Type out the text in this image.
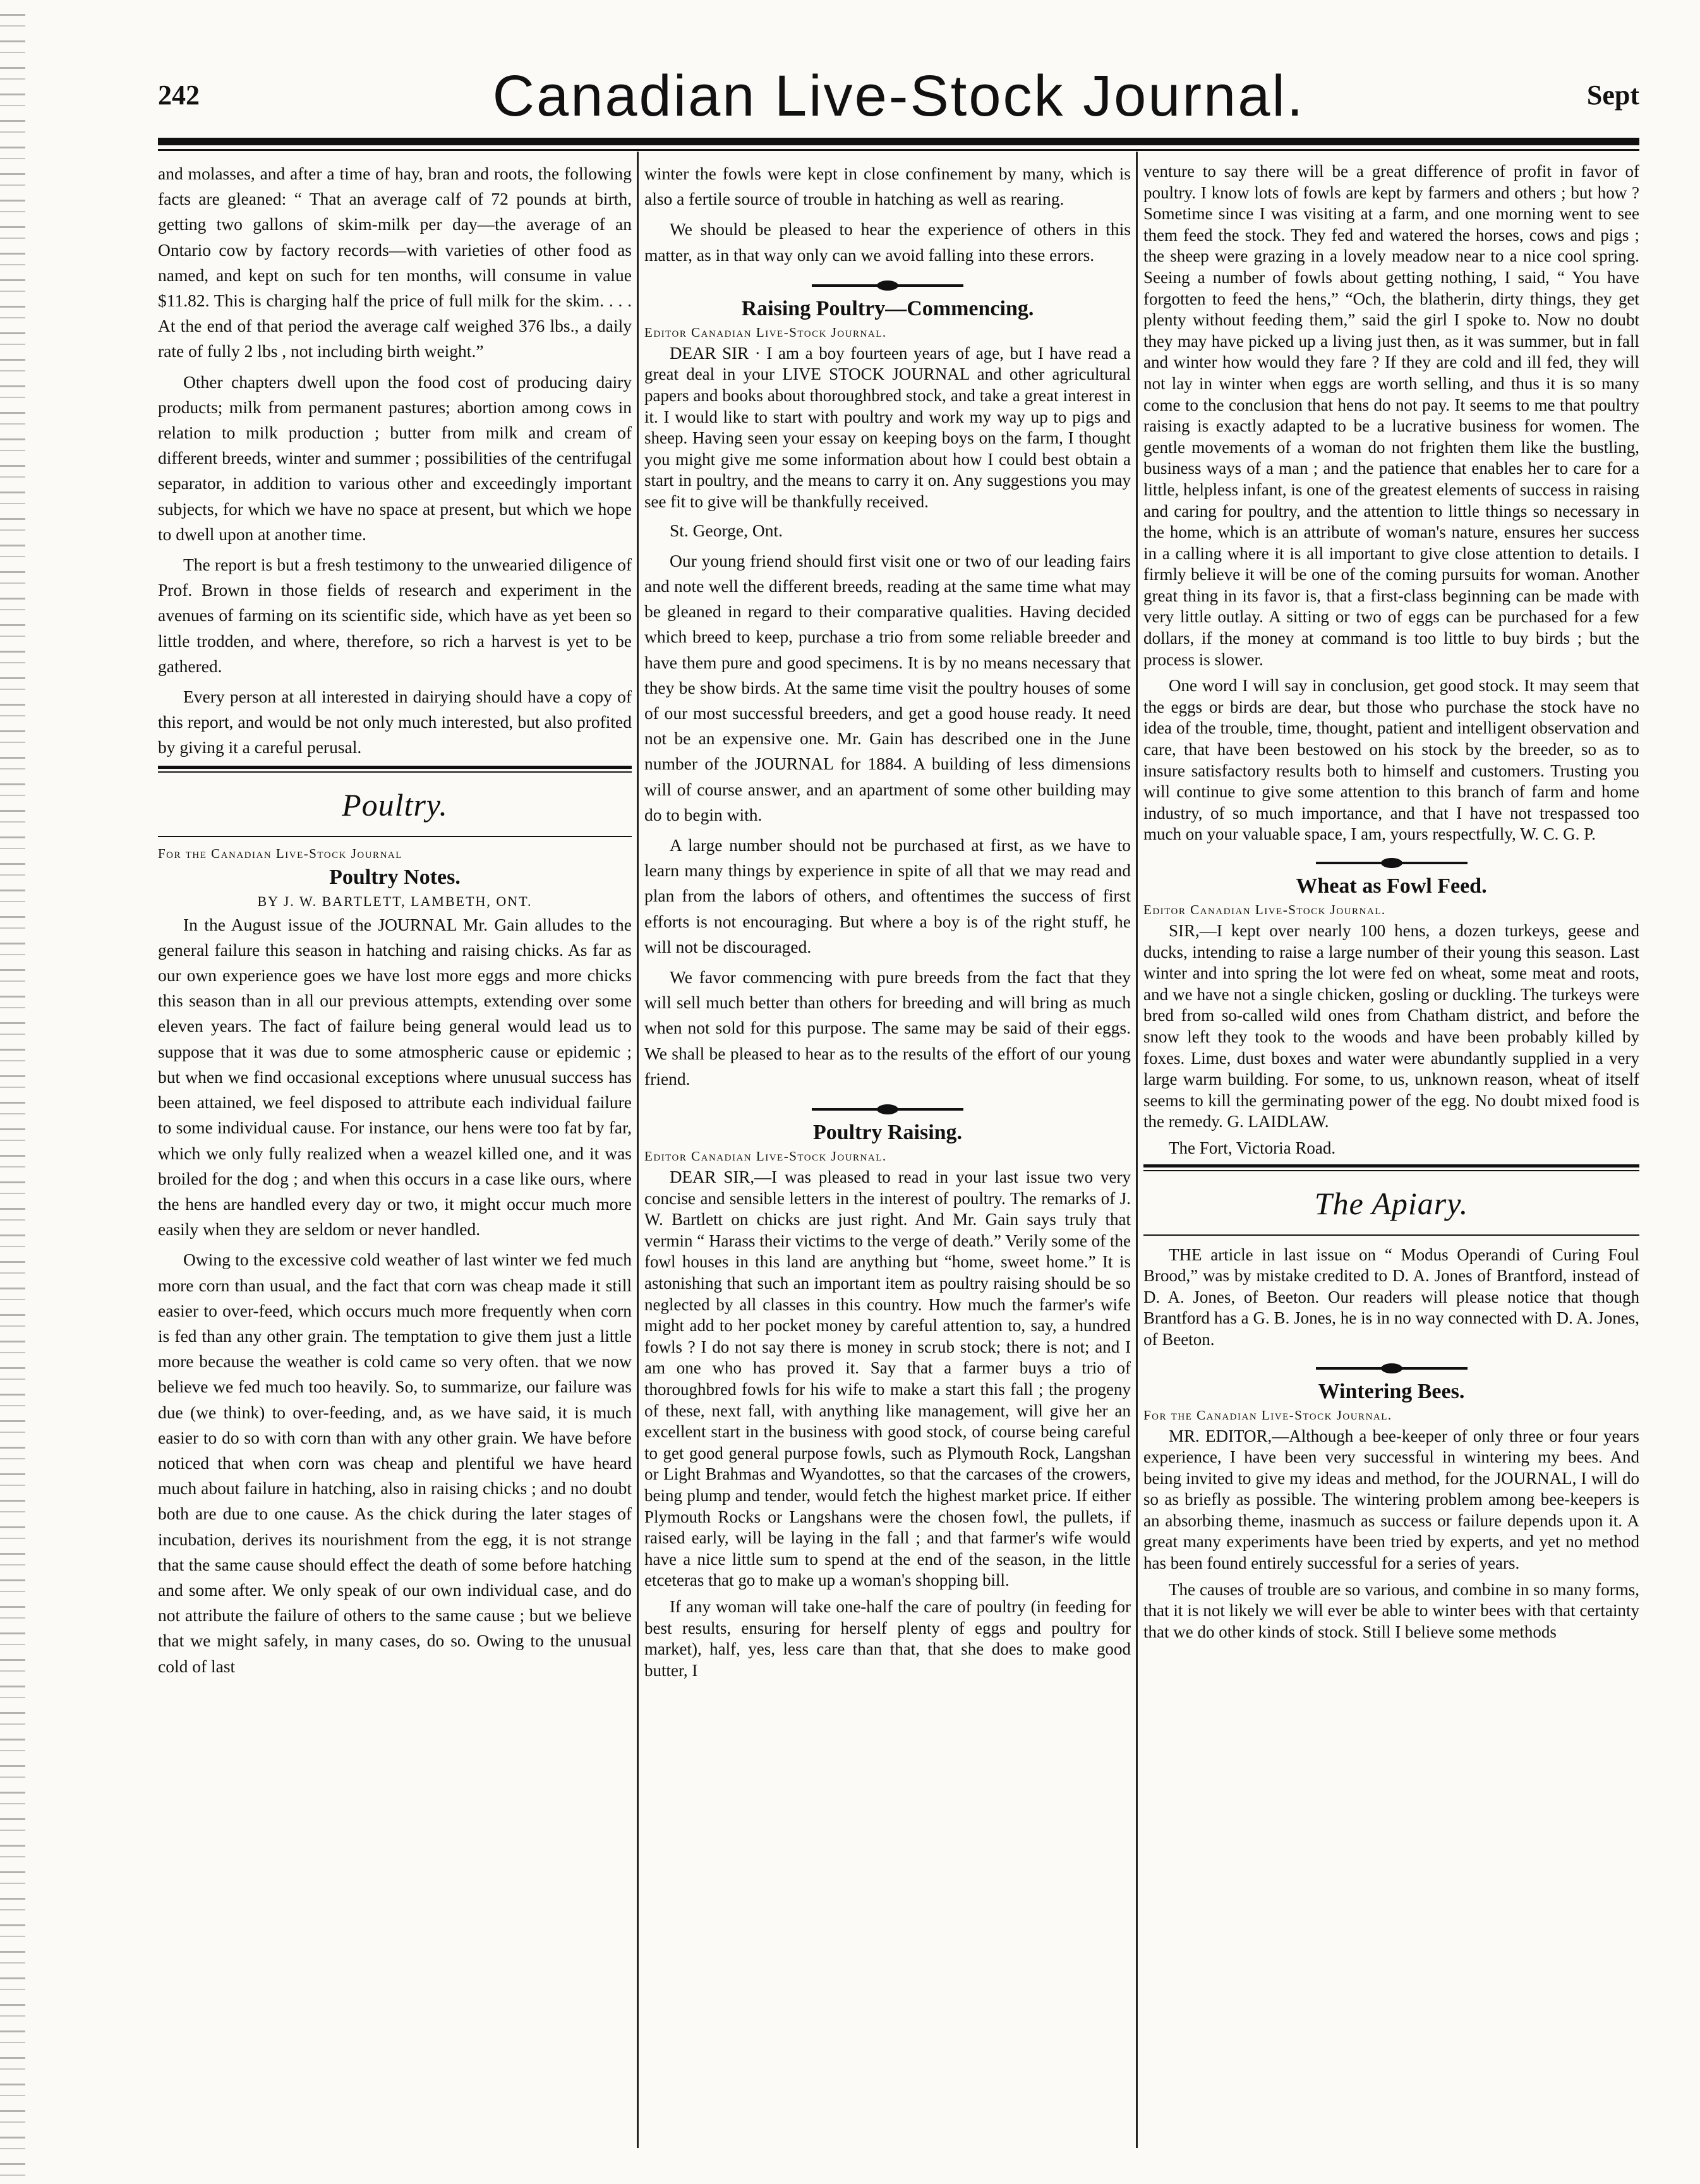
242	Canadian Live-Stock Journal.	Sept

and molasses, and after a time of hay, bran and roots, the following facts are gleaned: “ That an average calf of 72 pounds at birth, getting two gallons of skim-milk per day—the average of an Ontario cow by factory records—with varieties of other food as named, and kept on such for ten months, will consume in value $11.82. This is charging half the price of full milk for the skim. . . . At the end of that period the average calf weighed 376 lbs., a daily rate of fully 2 lbs , not including birth weight.”

Other chapters dwell upon the food cost of producing dairy products; milk from permanent pastures; abortion among cows in relation to milk production ; butter from milk and cream of different breeds, winter and summer ; possibilities of the centrifugal separator, in addition to various other and exceedingly important subjects, for which we have no space at present, but which we hope to dwell upon at another time.

The report is but a fresh testimony to the unwearied diligence of Prof. Brown in those fields of research and experiment in the avenues of farming on its scientific side, which have as yet been so little trodden, and where, therefore, so rich a harvest is yet to be gathered.

Every person at all interested in dairying should have a copy of this report, and would be not only much interested, but also profited by giving it a careful perusal.

Poultry.
For the Canadian Live-Stock Journal
Poultry Notes.
BY J. W. BARTLETT, LAMBETH, ONT.

In the August issue of the JOURNAL Mr. Gain alludes to the general failure this season in hatching and raising chicks. As far as our own experience goes we have lost more eggs and more chicks this season than in all our previous attempts, extending over some eleven years. The fact of failure being general would lead us to suppose that it was due to some atmospheric cause or epidemic ; but when we find occasional exceptions where unusual success has been attained, we feel disposed to attribute each individual failure to some individual cause. For instance, our hens were too fat by far, which we only fully realized when a weazel killed one, and it was broiled for the dog ; and when this occurs in a case like ours, where the hens are handled every day or two, it might occur much more easily when they are seldom or never handled.

Owing to the excessive cold weather of last winter we fed much more corn than usual, and the fact that corn was cheap made it still easier to over-feed, which occurs much more frequently when corn is fed than any other grain. The temptation to give them just a little more because the weather is cold came so very often. that we now believe we fed much too heavily. So, to summarize, our failure was due (we think) to over-feeding, and, as we have said, it is much easier to do so with corn than with any other grain. We have before noticed that when corn was cheap and plentiful we have heard much about failure in hatching, also in raising chicks ; and no doubt both are due to one cause. As the chick during the later stages of incubation, derives its nourishment from the egg, it is not strange that the same cause should effect the death of some before hatching and some after. We only speak of our own individual case, and do not attribute the failure of others to the same cause ; but we believe that we might safely, in many cases, do so. Owing to the unusual cold of last

winter the fowls were kept in close confinement by many, which is also a fertile source of trouble in hatching as well as rearing.

We should be pleased to hear the experience of others in this matter, as in that way only can we avoid falling into these errors.

Raising Poultry—Commencing.
Editor Canadian Live-Stock Journal.

DEAR SIR · I am a boy fourteen years of age, but I have read a great deal in your LIVE STOCK JOURNAL and other agricultural papers and books about thoroughbred stock, and take a great interest in it. I would like to start with poultry and work my way up to pigs and sheep. Having seen your essay on keeping boys on the farm, I thought you might give me some information about how I could best obtain a start in poultry, and the means to carry it on. Any suggestions you may see fit to give will be thankfully received.

St. George, Ont.

Our young friend should first visit one or two of our leading fairs and note well the different breeds, reading at the same time what may be gleaned in regard to their comparative qualities. Having decided which breed to keep, purchase a trio from some reliable breeder and have them pure and good specimens. It is by no means necessary that they be show birds. At the same time visit the poultry houses of some of our most successful breeders, and get a good house ready. It need not be an expensive one. Mr. Gain has described one in the June number of the JOURNAL for 1884. A building of less dimensions will of course answer, and an apartment of some other building may do to begin with.

A large number should not be purchased at first, as we have to learn many things by experience in spite of all that we may read and plan from the labors of others, and oftentimes the success of first efforts is not encouraging. But where a boy is of the right stuff, he will not be discouraged.

We favor commencing with pure breeds from the fact that they will sell much better than others for breeding and will bring as much when not sold for this purpose. The same may be said of their eggs. We shall be pleased to hear as to the results of the effort of our young friend.

Poultry Raising.
Editor Canadian Live-Stock Journal.

DEAR SIR,—I was pleased to read in your last issue two very concise and sensible letters in the interest of poultry. The remarks of J. W. Bartlett on chicks are just right. And Mr. Gain says truly that vermin “ Harass their victims to the verge of death.” Verily some of the fowl houses in this land are anything but “home, sweet home.” It is astonishing that such an important item as poultry raising should be so neglected by all classes in this country. How much the farmer's wife might add to her pocket money by careful attention to, say, a hundred fowls ? I do not say there is money in scrub stock; there is not; and I am one who has proved it. Say that a farmer buys a trio of thoroughbred fowls for his wife to make a start this fall ; the progeny of these, next fall, with anything like management, will give her an excellent start in the business with good stock, of course being careful to get good general purpose fowls, such as Plymouth Rock, Langshan or Light Brahmas and Wyandottes, so that the carcases of the crowers, being plump and tender, would fetch the highest market price. If either Plymouth Rocks or Langshans were the chosen fowl, the pullets, if raised early, will be laying in the fall ; and that farmer's wife would have a nice little sum to spend at the end of the season, in the little etceteras that go to make up a woman's shopping bill.

If any woman will take one-half the care of poultry (in feeding for best results, ensuring for herself plenty of eggs and poultry for market), half, yes, less care than that, that she does to make good butter, I

venture to say there will be a great difference of profit in favor of poultry. I know lots of fowls are kept by farmers and others ; but how ? Sometime since I was visiting at a farm, and one morning went to see them feed the stock. They fed and watered the horses, cows and pigs ; the sheep were grazing in a lovely meadow near to a nice cool spring. Seeing a number of fowls about getting nothing, I said, “ You have forgotten to feed the hens,” “Och, the blatherin, dirty things, they get plenty without feeding them,” said the girl I spoke to. Now no doubt they may have picked up a living just then, as it was summer, but in fall and winter how would they fare ? If they are cold and ill fed, they will not lay in winter when eggs are worth selling, and thus it is so many come to the conclusion that hens do not pay. It seems to me that poultry raising is exactly adapted to be a lucrative business for women. The gentle movements of a woman do not frighten them like the bustling, business ways of a man ; and the patience that enables her to care for a little, helpless infant, is one of the greatest elements of success in raising and caring for poultry, and the attention to little things so necessary in the home, which is an attribute of woman's nature, ensures her success in a calling where it is all important to give close attention to details. I firmly believe it will be one of the coming pursuits for woman. Another great thing in its favor is, that a first-class beginning can be made with very little outlay. A sitting or two of eggs can be purchased for a few dollars, if the money at command is too little to buy birds ; but the process is slower.

One word I will say in conclusion, get good stock. It may seem that the eggs or birds are dear, but those who purchase the stock have no idea of the trouble, time, thought, patient and intelligent observation and care, that have been bestowed on his stock by the breeder, so as to insure satisfactory results both to himself and customers. Trusting you will continue to give some attention to this branch of farm and home industry, of so much importance, and that I have not trespassed too much on your valuable space, I am, yours respectfully, W. C. G. P.

Wheat as Fowl Feed.
Editor Canadian Live-Stock Journal.

SIR,—I kept over nearly 100 hens, a dozen turkeys, geese and ducks, intending to raise a large number of their young this season. Last winter and into spring the lot were fed on wheat, some meat and roots, and we have not a single chicken, gosling or duckling. The turkeys were bred from so-called wild ones from Chatham district, and before the snow left they took to the woods and have been probably killed by foxes. Lime, dust boxes and water were abundantly supplied in a very large warm building. For some, to us, unknown reason, wheat of itself seems to kill the germinating power of the egg. No doubt mixed food is the remedy. G. LAIDLAW.

The Fort, Victoria Road.

The Apiary.

THE article in last issue on “ Modus Operandi of Curing Foul Brood,” was by mistake credited to D. A. Jones of Brantford, instead of D. A. Jones, of Beeton. Our readers will please notice that though Brantford has a G. B. Jones, he is in no way connected with D. A. Jones, of Beeton.

Wintering Bees.
For the Canadian Live-Stock Journal.

MR. EDITOR,—Although a bee-keeper of only three or four years experience, I have been very successful in wintering my bees. And being invited to give my ideas and method, for the JOURNAL, I will do so as briefly as possible. The wintering problem among bee-keepers is an absorbing theme, inasmuch as success or failure depends upon it. A great many experiments have been tried by experts, and yet no method has been found entirely successful for a series of years.

The causes of trouble are so various, and combine in so many forms, that it is not likely we will ever be able to winter bees with that certainty that we do other kinds of stock. Still I believe some methods
